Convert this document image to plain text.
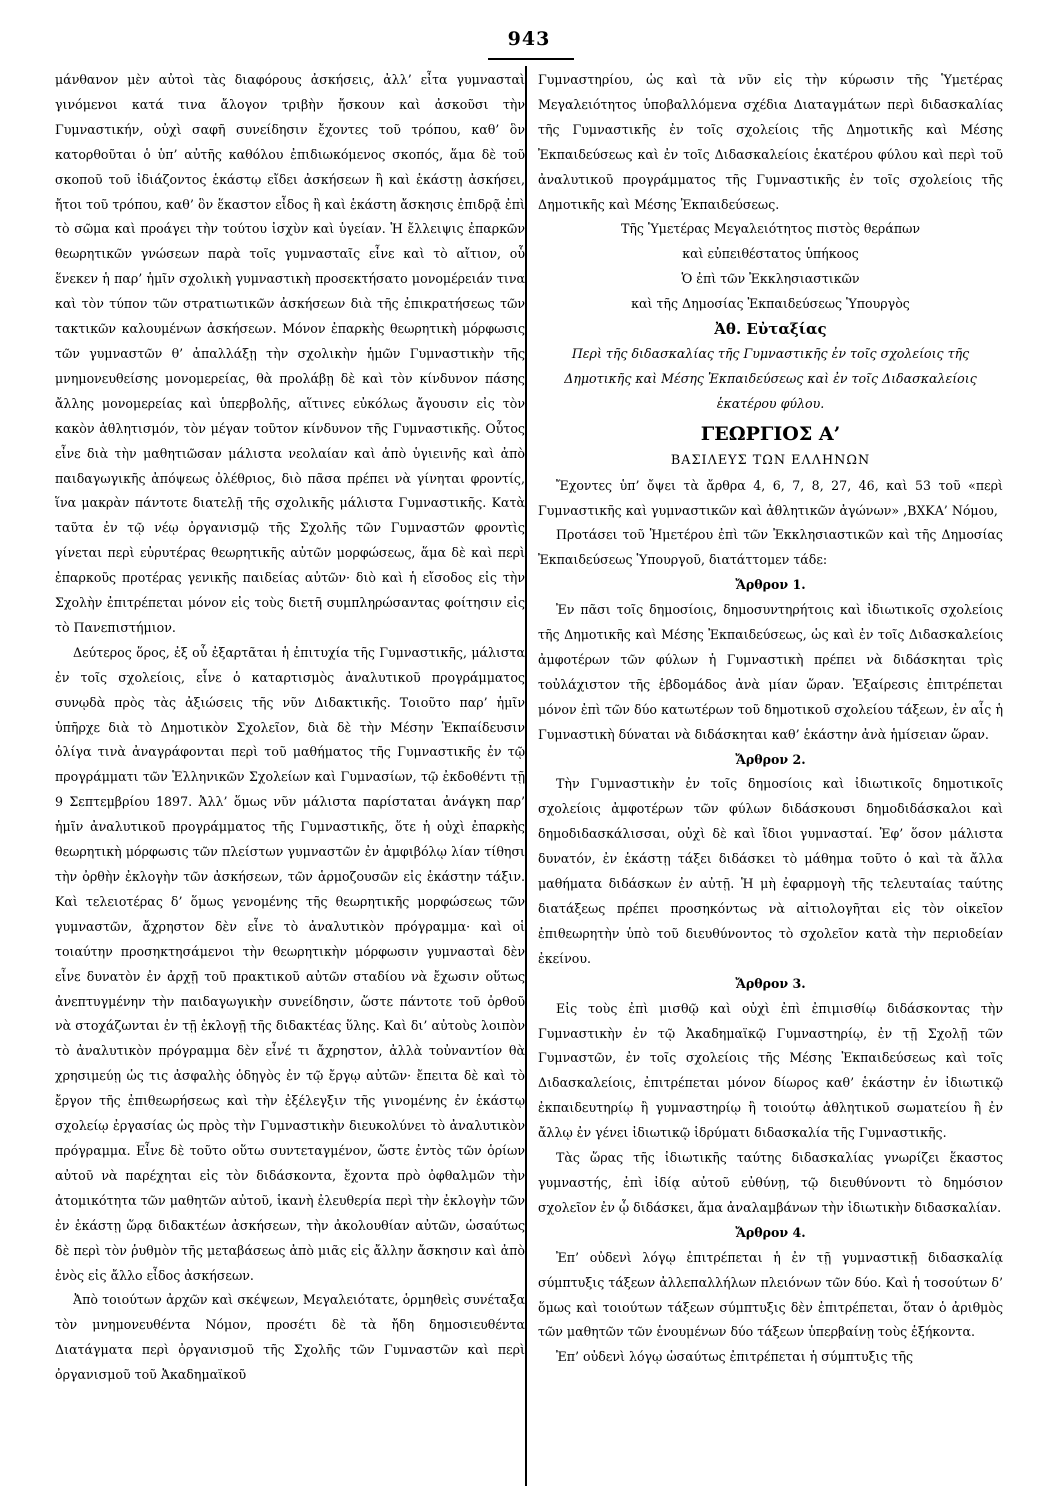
943

μάνθανον μὲν αὐτοὶ τὰς διαφόρους ἀσκήσεις, ἀλλ’ εἶτα γυμνασταὶ γινόμενοι κατά τινα ἄλογον τριβὴν ἤσκουν καὶ ἀσκοῦσι τὴν Γυμναστικήν, οὐχὶ σαφῆ συνείδησιν ἔχοντες τοῦ τρόπου, καθ’ ὃν κατορθοῦται ὁ ὑπ’ αὐτῆς καθόλου ἐπιδιωκόμενος σκοπός, ἅμα δὲ τοῦ σκοποῦ τοῦ ἰδιάζοντος ἑκάστῳ εἴδει ἀσκήσεων ἢ καὶ ἑκάστῃ ἀσκήσει, ἤτοι τοῦ τρόπου, καθ’ ὃν ἕκαστον εἶδος ἢ καὶ ἑκάστη ἄσκησις ἐπιδρᾷ ἐπὶ τὸ σῶμα καὶ προάγει τὴν τούτου ἰσχὺν καὶ ὑγείαν. Ἡ ἔλλειψις ἐπαρκῶν θεωρητικῶν γνώσεων παρὰ τοῖς γυμνασταῖς εἶνε καὶ τὸ αἴτιον, οὗ ἕνεκεν ἡ παρ’ ἡμῖν σχολικὴ γυμναστικὴ προσεκτήσατο μονομέρειάν τινα καὶ τὸν τύπον τῶν στρατιωτικῶν ἀσκήσεων διὰ τῆς ἐπικρατήσεως τῶν τακτικῶν καλουμένων ἀσκήσεων. Μόνον ἐπαρκὴς θεωρητικὴ μόρφωσις τῶν γυμναστῶν θ’ ἀπαλλάξῃ τὴν σχολικὴν ἡμῶν Γυμναστικὴν τῆς μνημονευθείσης μονομερείας, θὰ προλάβῃ δὲ καὶ τὸν κίνδυνον πάσης ἄλλης μονομερείας καὶ ὑπερβολῆς, αἵτινες εὐκόλως ἄγουσιν εἰς τὸν κακὸν ἀθλητισμόν, τὸν μέγαν τοῦτον κίνδυνον τῆς Γυμναστικῆς. Οὗτος εἶνε διὰ τὴν μαθητιῶσαν μάλιστα νεολαίαν καὶ ἀπὸ ὑγιεινῆς καὶ ἀπὸ παιδαγωγικῆς ἀπόψεως ὀλέθριος, διὸ πᾶσα πρέπει νὰ γίνηται φροντίς, ἵνα μακρὰν πάντοτε διατελῇ τῆς σχολικῆς μάλιστα Γυμναστικῆς. Κατὰ ταῦτα ἐν τῷ νέῳ ὀργανισμῷ τῆς Σχολῆς τῶν Γυμναστῶν φροντὶς γίνεται περὶ εὐρυτέρας θεωρητικῆς αὐτῶν μορφώσεως, ἅμα δὲ καὶ περὶ ἐπαρκοῦς προτέρας γενικῆς παιδείας αὐτῶν· διὸ καὶ ἡ εἴσοδος εἰς τὴν Σχολὴν ἐπιτρέπεται μόνον εἰς τοὺς διετῆ συμπληρώσαντας φοίτησιν εἰς τὸ Πανεπιστήμιον.

Δεύτερος ὅρος, ἐξ οὗ ἐξαρτᾶται ἡ ἐπιτυχία τῆς Γυμναστικῆς, μάλιστα ἐν τοῖς σχολείοις, εἶνε ὁ καταρτισμὸς ἀναλυτικοῦ προγράμματος συνῳδὰ πρὸς τὰς ἀξιώσεις τῆς νῦν Διδακτικῆς. Τοιοῦτο παρ’ ἡμῖν ὑπῆρχε διὰ τὸ Δημοτικὸν Σχολεῖον, διὰ δὲ τὴν Μέσην Ἐκπαίδευσιν ὀλίγα τινὰ ἀναγράφονται περὶ τοῦ μαθήματος τῆς Γυμναστικῆς ἐν τῷ προγράμματι τῶν Ἑλληνικῶν Σχολείων καὶ Γυμνασίων, τῷ ἐκδοθέντι τῇ 9 Σεπτεμβρίου 1897. Ἀλλ’ ὅμως νῦν μάλιστα παρίσταται ἀνάγκη παρ’ ἡμῖν ἀναλυτικοῦ προγράμματος τῆς Γυμναστικῆς, ὅτε ἡ οὐχὶ ἐπαρκὴς θεωρητικὴ μόρφωσις τῶν πλείστων γυμναστῶν ἐν ἀμφιβόλῳ λίαν τίθησι τὴν ὀρθὴν ἐκλογὴν τῶν ἀσκήσεων, τῶν ἁρμοζουσῶν εἰς ἑκάστην τάξιν. Καὶ τελειοτέρας δ’ ὅμως γενομένης τῆς θεωρητικῆς μορφώσεως τῶν γυμναστῶν, ἄχρηστον δὲν εἶνε τὸ ἀναλυτικὸν πρόγραμμα· καὶ οἱ τοιαύτην προσηκτησάμενοι τὴν θεωρητικὴν μόρφωσιν γυμνασταὶ δὲν εἶνε δυνατὸν ἐν ἀρχῇ τοῦ πρακτικοῦ αὐτῶν σταδίου νὰ ἔχωσιν οὕτως ἀνεπτυγμένην τὴν παιδαγωγικὴν συνείδησιν, ὥστε πάντοτε τοῦ ὀρθοῦ νὰ στοχάζωνται ἐν τῇ ἐκλογῇ τῆς διδακτέας ὕλης. Καὶ δι’ αὐτοὺς λοιπὸν τὸ ἀναλυτικὸν πρόγραμμα δὲν εἶνέ τι ἄχρηστον, ἀλλὰ τοὐναντίον θὰ χρησιμεύῃ ὡς τις ἀσφαλὴς ὁδηγὸς ἐν τῷ ἔργῳ αὐτῶν· ἔπειτα δὲ καὶ τὸ ἔργον τῆς ἐπιθεωρήσεως καὶ τὴν ἐξέλεγξιν τῆς γινομένης ἐν ἑκάστῳ σχολείῳ ἐργασίας ὡς πρὸς τὴν Γυμναστικὴν διευκολύνει τὸ ἀναλυτικὸν πρόγραμμα. Εἶνε δὲ τοῦτο οὕτω συντεταγμένον, ὥστε ἐντὸς τῶν ὁρίων αὐτοῦ νὰ παρέχηται εἰς τὸν διδάσκοντα, ἔχοντα πρὸ ὀφθαλμῶν τὴν ἀτομικότητα τῶν μαθητῶν αὐτοῦ, ἱκανὴ ἐλευθερία περὶ τὴν ἐκλογὴν τῶν ἐν ἑκάστῃ ὥρᾳ διδακτέων ἀσκήσεων, τὴν ἀκολουθίαν αὐτῶν, ὡσαύτως δὲ περὶ τὸν ῥυθμὸν τῆς μεταβάσεως ἀπὸ μιᾶς εἰς ἄλλην ἄσκησιν καὶ ἀπὸ ἑνὸς εἰς ἄλλο εἶδος ἀσκήσεων.

Ἀπὸ τοιούτων ἀρχῶν καὶ σκέψεων, Μεγαλειότατε, ὁρμηθεὶς συνέταξα τὸν μνημονευθέντα Νόμον, προσέτι δὲ τὰ ἤδη δημοσιευθέντα Διατάγματα περὶ ὀργανισμοῦ τῆς Σχολῆς τῶν Γυμναστῶν καὶ περὶ ὀργανισμοῦ τοῦ Ἀκαδημαϊκοῦ

Γυμναστηρίου, ὡς καὶ τὰ νῦν εἰς τὴν κύρωσιν τῆς Ὑμετέρας Μεγαλειότητος ὑποβαλλόμενα σχέδια Διαταγμάτων περὶ διδασκαλίας τῆς Γυμναστικῆς ἐν τοῖς σχολείοις τῆς Δημοτικῆς καὶ Μέσης Ἐκπαιδεύσεως καὶ ἐν τοῖς Διδασκαλείοις ἑκατέρου φύλου καὶ περὶ τοῦ ἀναλυτικοῦ προγράμματος τῆς Γυμναστικῆς ἐν τοῖς σχολείοις τῆς Δημοτικῆς καὶ Μέσης Ἐκπαιδεύσεως.

Τῆς Ὑμετέρας Μεγαλειότητος πιστὸς θεράπων
καὶ εὐπειθέστατος ὑπήκοος
Ὁ ἐπὶ τῶν Ἐκκλησιαστικῶν
καὶ τῆς Δημοσίας Ἐκπαιδεύσεως Ὑπουργὸς
Ἀθ. Εὐταξίας

Περὶ τῆς διδασκαλίας τῆς Γυμναστικῆς ἐν τοῖς σχολείοις τῆς Δημοτικῆς καὶ Μέσης Ἐκπαιδεύσεως καὶ ἐν τοῖς Διδασκαλείοις ἑκατέρου φύλου.

ΓΕΩΡΓΙΟΣ Α’
ΒΑΣΙΛΕΥΣ ΤΩΝ ΕΛΛΗΝΩΝ

Ἔχοντες ὑπ’ ὄψει τὰ ἄρθρα 4, 6, 7, 8, 27, 46, καὶ 53 τοῦ «περὶ Γυμναστικῆς καὶ γυμναστικῶν καὶ ἀθλητικῶν ἀγώνων» ,ΒΧΚΑ’ Νόμου,

Προτάσει τοῦ Ἡμετέρου ἐπὶ τῶν Ἐκκλησιαστικῶν καὶ τῆς Δημοσίας Ἐκπαιδεύσεως Ὑπουργοῦ, διατάττομεν τάδε:

Ἄρθρον 1.

Ἐν πᾶσι τοῖς δημοσίοις, δημοσυντηρήτοις καὶ ἰδιωτικοῖς σχολείοις τῆς Δημοτικῆς καὶ Μέσης Ἐκπαιδεύσεως, ὡς καὶ ἐν τοῖς Διδασκαλείοις ἀμφοτέρων τῶν φύλων ἡ Γυμναστικὴ πρέπει νὰ διδάσκηται τρὶς τοὐλάχιστον τῆς ἑβδομάδος ἀνὰ μίαν ὥραν. Ἐξαίρεσις ἐπιτρέπεται μόνον ἐπὶ τῶν δύο κατωτέρων τοῦ δημοτικοῦ σχολείου τάξεων, ἐν αἷς ἡ Γυμναστικὴ δύναται νὰ διδάσκηται καθ’ ἑκάστην ἀνὰ ἡμίσειαν ὥραν.

Ἄρθρον 2.

Τὴν Γυμναστικὴν ἐν τοῖς δημοσίοις καὶ ἰδιωτικοῖς δημοτικοῖς σχολείοις ἀμφοτέρων τῶν φύλων διδάσκουσι δημοδιδάσκαλοι καὶ δημοδιδασκάλισσαι, οὐχὶ δὲ καὶ ἴδιοι γυμνασταί. Ἐφ’ ὅσον μάλιστα δυνατόν, ἐν ἑκάστῃ τάξει διδάσκει τὸ μάθημα τοῦτο ὁ καὶ τὰ ἄλλα μαθήματα διδάσκων ἐν αὐτῇ. Ἡ μὴ ἐφαρμογὴ τῆς τελευταίας ταύτης διατάξεως πρέπει προσηκόντως νὰ αἰτιολογῆται εἰς τὸν οἰκεῖον ἐπιθεωρητὴν ὑπὸ τοῦ διευθύνοντος τὸ σχολεῖον κατὰ τὴν περιοδείαν ἐκείνου.

Ἄρθρον 3.

Εἰς τοὺς ἐπὶ μισθῷ καὶ οὐχὶ ἐπὶ ἐπιμισθίῳ διδάσκοντας τὴν Γυμναστικὴν ἐν τῷ Ἀκαδημαϊκῷ Γυμναστηρίῳ, ἐν τῇ Σχολῇ τῶν Γυμναστῶν, ἐν τοῖς σχολείοις τῆς Μέσης Ἐκπαιδεύσεως καὶ τοῖς Διδασκαλείοις, ἐπιτρέπεται μόνον δίωρος καθ’ ἑκάστην ἐν ἰδιωτικῷ ἐκπαιδευτηρίῳ ἢ γυμναστηρίῳ ἢ τοιούτῳ ἀθλητικοῦ σωματείου ἢ ἐν ἄλλῳ ἐν γένει ἰδιωτικῷ ἱδρύματι διδασκαλία τῆς Γυμναστικῆς.

Τὰς ὥρας τῆς ἰδιωτικῆς ταύτης διδασκαλίας γνωρίζει ἕκαστος γυμναστής, ἐπὶ ἰδίᾳ αὐτοῦ εὐθύνῃ, τῷ διευθύνοντι τὸ δημόσιον σχολεῖον ἐν ᾧ διδάσκει, ἅμα ἀναλαμβάνων τὴν ἰδιωτικὴν διδασκαλίαν.

Ἄρθρον 4.

Ἐπ’ οὐδενὶ λόγῳ ἐπιτρέπεται ἡ ἐν τῇ γυμναστικῇ διδασκαλίᾳ σύμπτυξις τάξεων ἀλλεπαλλήλων πλειόνων τῶν δύο. Καὶ ἡ τοσούτων δ’ ὅμως καὶ τοιούτων τάξεων σύμπτυξις δὲν ἐπιτρέπεται, ὅταν ὁ ἀριθμὸς τῶν μαθητῶν τῶν ἑνουμένων δύο τάξεων ὑπερβαίνῃ τοὺς ἑξήκοντα.

Ἐπ’ οὐδενὶ λόγῳ ὡσαύτως ἐπιτρέπεται ἡ σύμπτυξις τῆς
